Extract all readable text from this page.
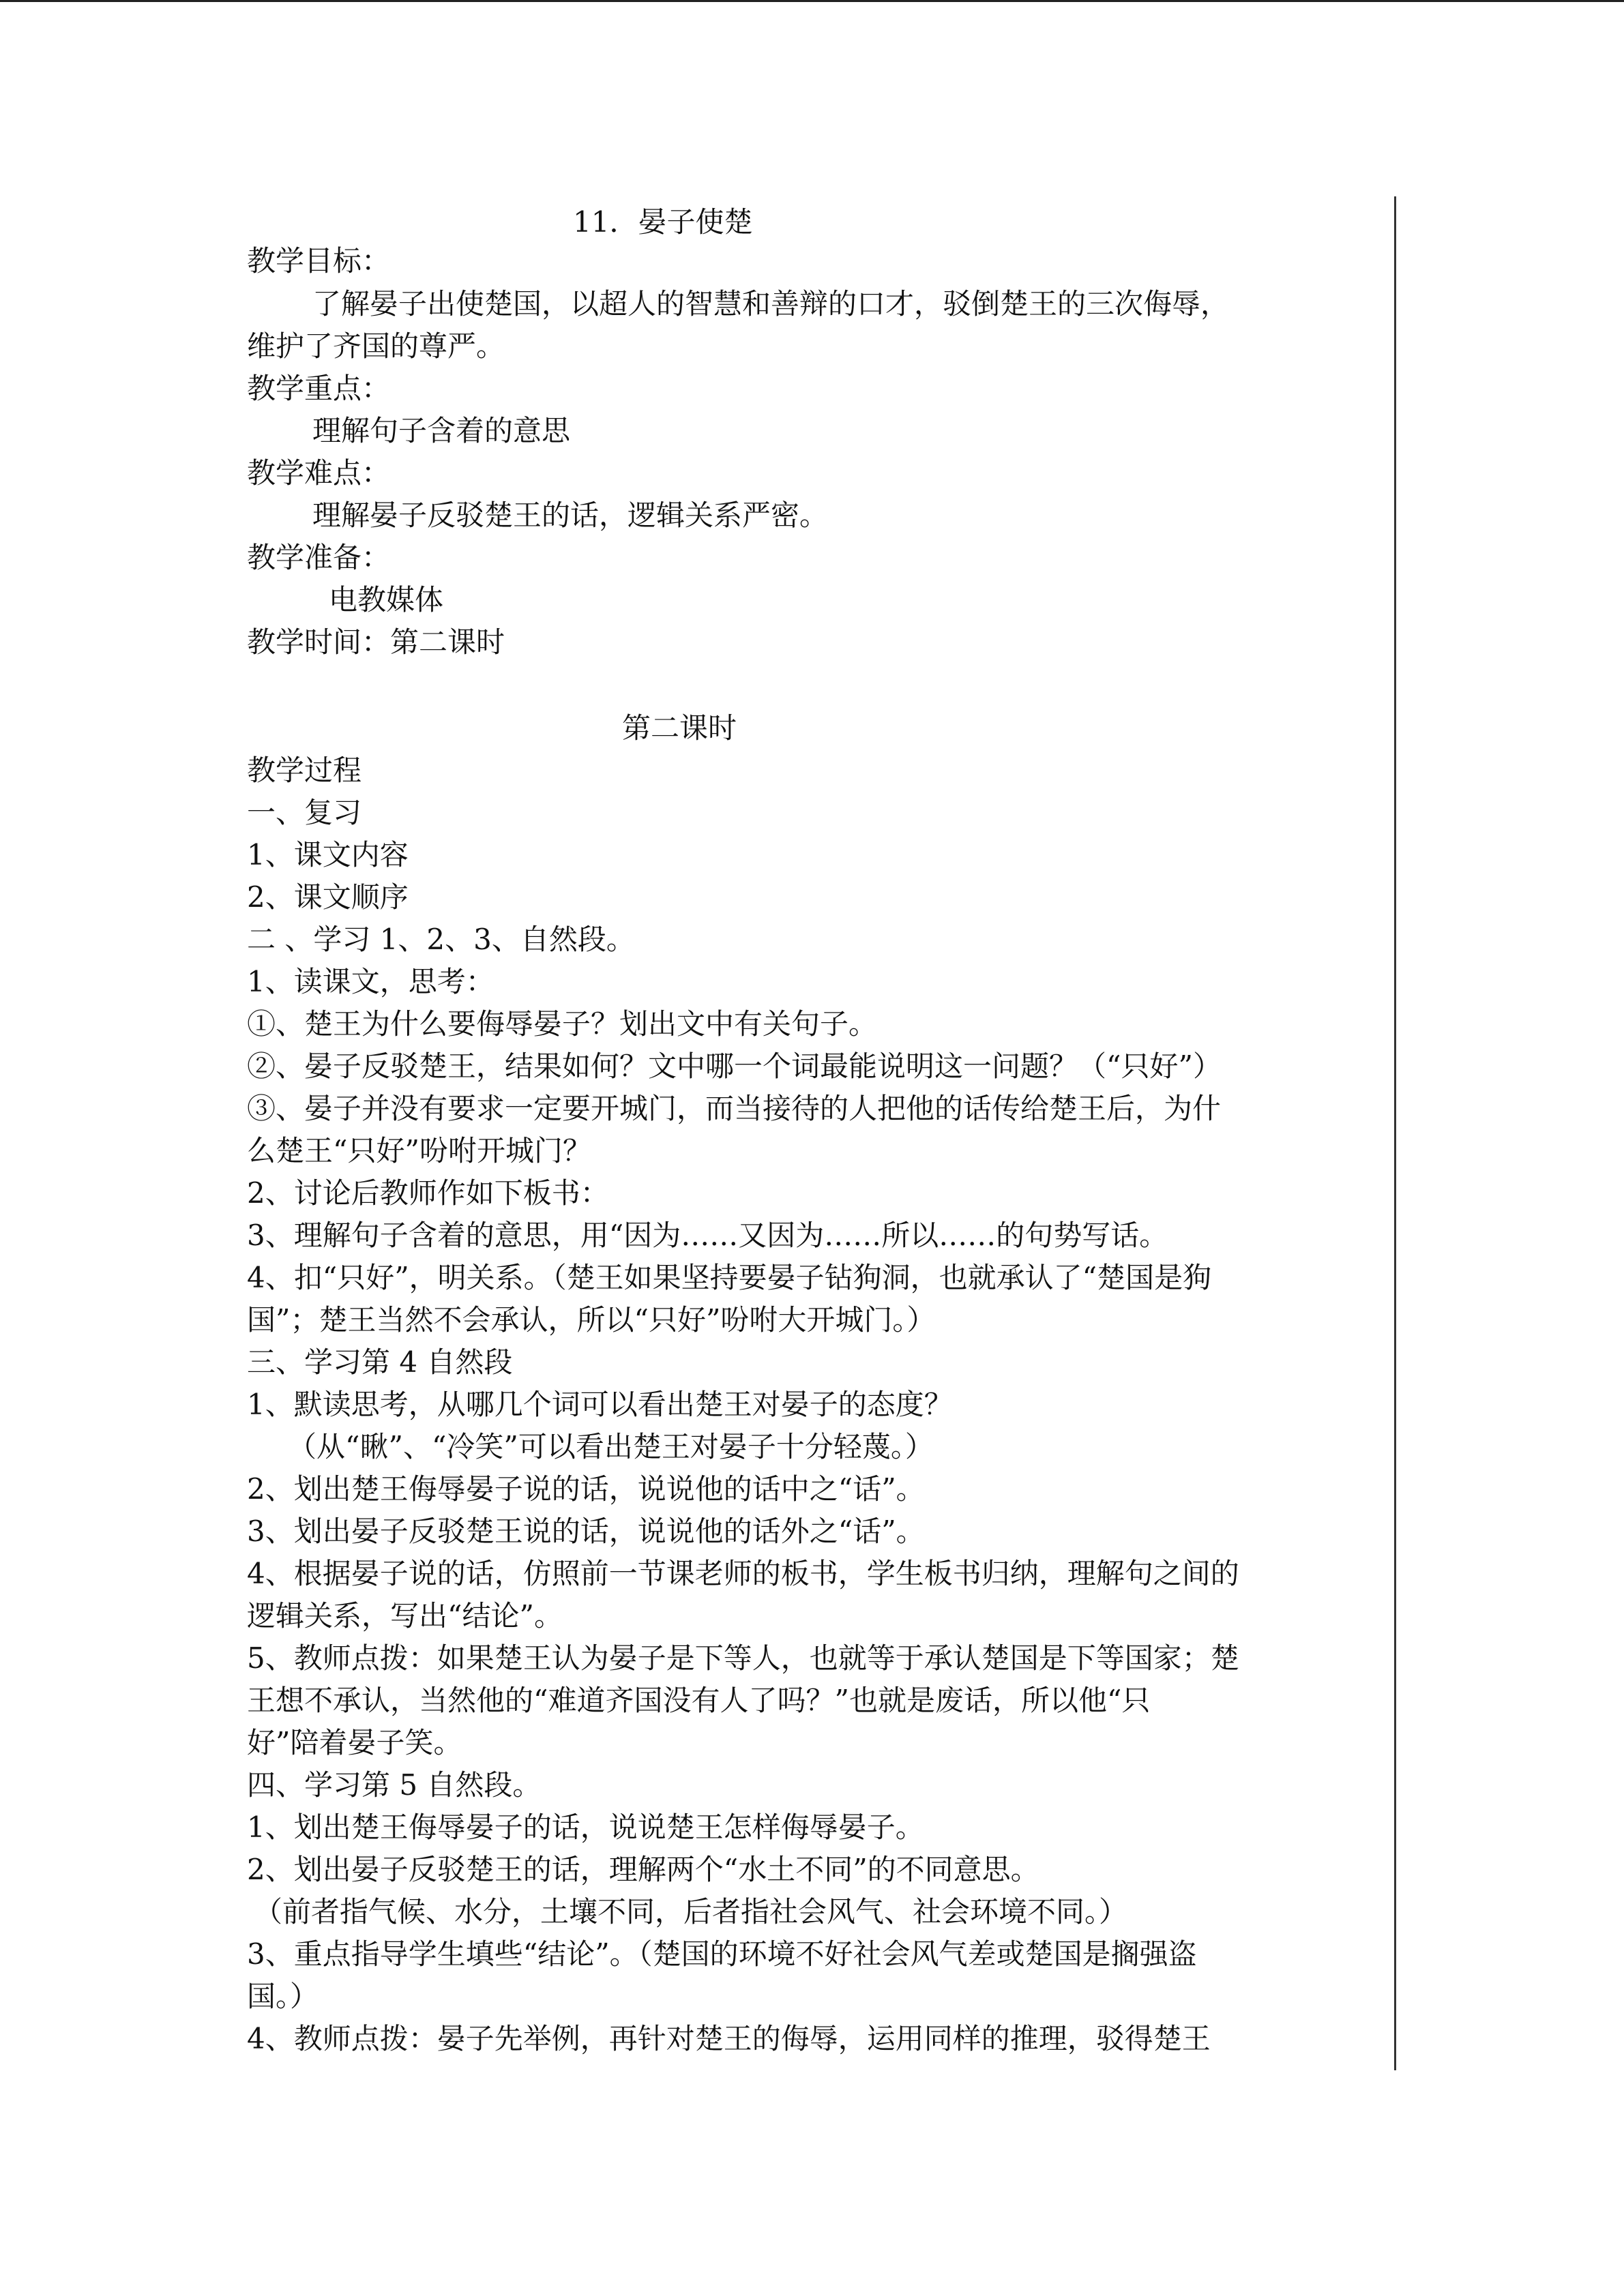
11．晏子使楚
教学目标：
了解晏子出使楚国，以超人的智慧和善辩的口才，驳倒楚王的三次侮辱，
维护了齐国的尊严。
教学重点：
理解句子含着的意思
教学难点：
理解晏子反驳楚王的话，逻辑关系严密。
教学准备：
电教媒体
教学时间：第二课时
第二课时
教学过程
一、复习
1、课文内容
2、课文顺序
二 、学习 1、2、3、自然段。
1、读课文，思考：
①、楚王为什么要侮辱晏子？划出文中有关句子。
②、晏子反驳楚王，结果如何？文中哪一个词最能说明这一问题？（“只好”）
③、晏子并没有要求一定要开城门，而当接待的人把他的话传给楚王后，为什
么楚王“只好”吩咐开城门？
2、讨论后教师作如下板书：
3、理解句子含着的意思，用“因为……又因为……所以……的句势写话。
4、扣“只好”，明关系。（楚王如果坚持要晏子钻狗洞，也就承认了“楚国是狗
国”；楚王当然不会承认，所以“只好”吩咐大开城门。）
三、学习第 4 自然段
1、默读思考，从哪几个词可以看出楚王对晏子的态度？
（从“瞅”、“冷笑”可以看出楚王对晏子十分轻蔑。）
2、划出楚王侮辱晏子说的话，说说他的话中之“话”。
3、划出晏子反驳楚王说的话，说说他的话外之“话”。
4、根据晏子说的话，仿照前一节课老师的板书，学生板书归纳，理解句之间的
逻辑关系，写出“结论”。
5、教师点拨：如果楚王认为晏子是下等人，也就等于承认楚国是下等国家；楚
王想不承认，当然他的“难道齐国没有人了吗？”也就是废话，所以他“只
好”陪着晏子笑。
四、学习第 5 自然段。
1、划出楚王侮辱晏子的话，说说楚王怎样侮辱晏子。
2、划出晏子反驳楚王的话，理解两个“水土不同”的不同意思。
（前者指气候、水分，土壤不同，后者指社会风气、社会环境不同。）
3、重点指导学生填些“结论”。（楚国的环境不好社会风气差或楚国是搁强盗
国。）
4、教师点拨：晏子先举例，再针对楚王的侮辱，运用同样的推理，驳得楚王
